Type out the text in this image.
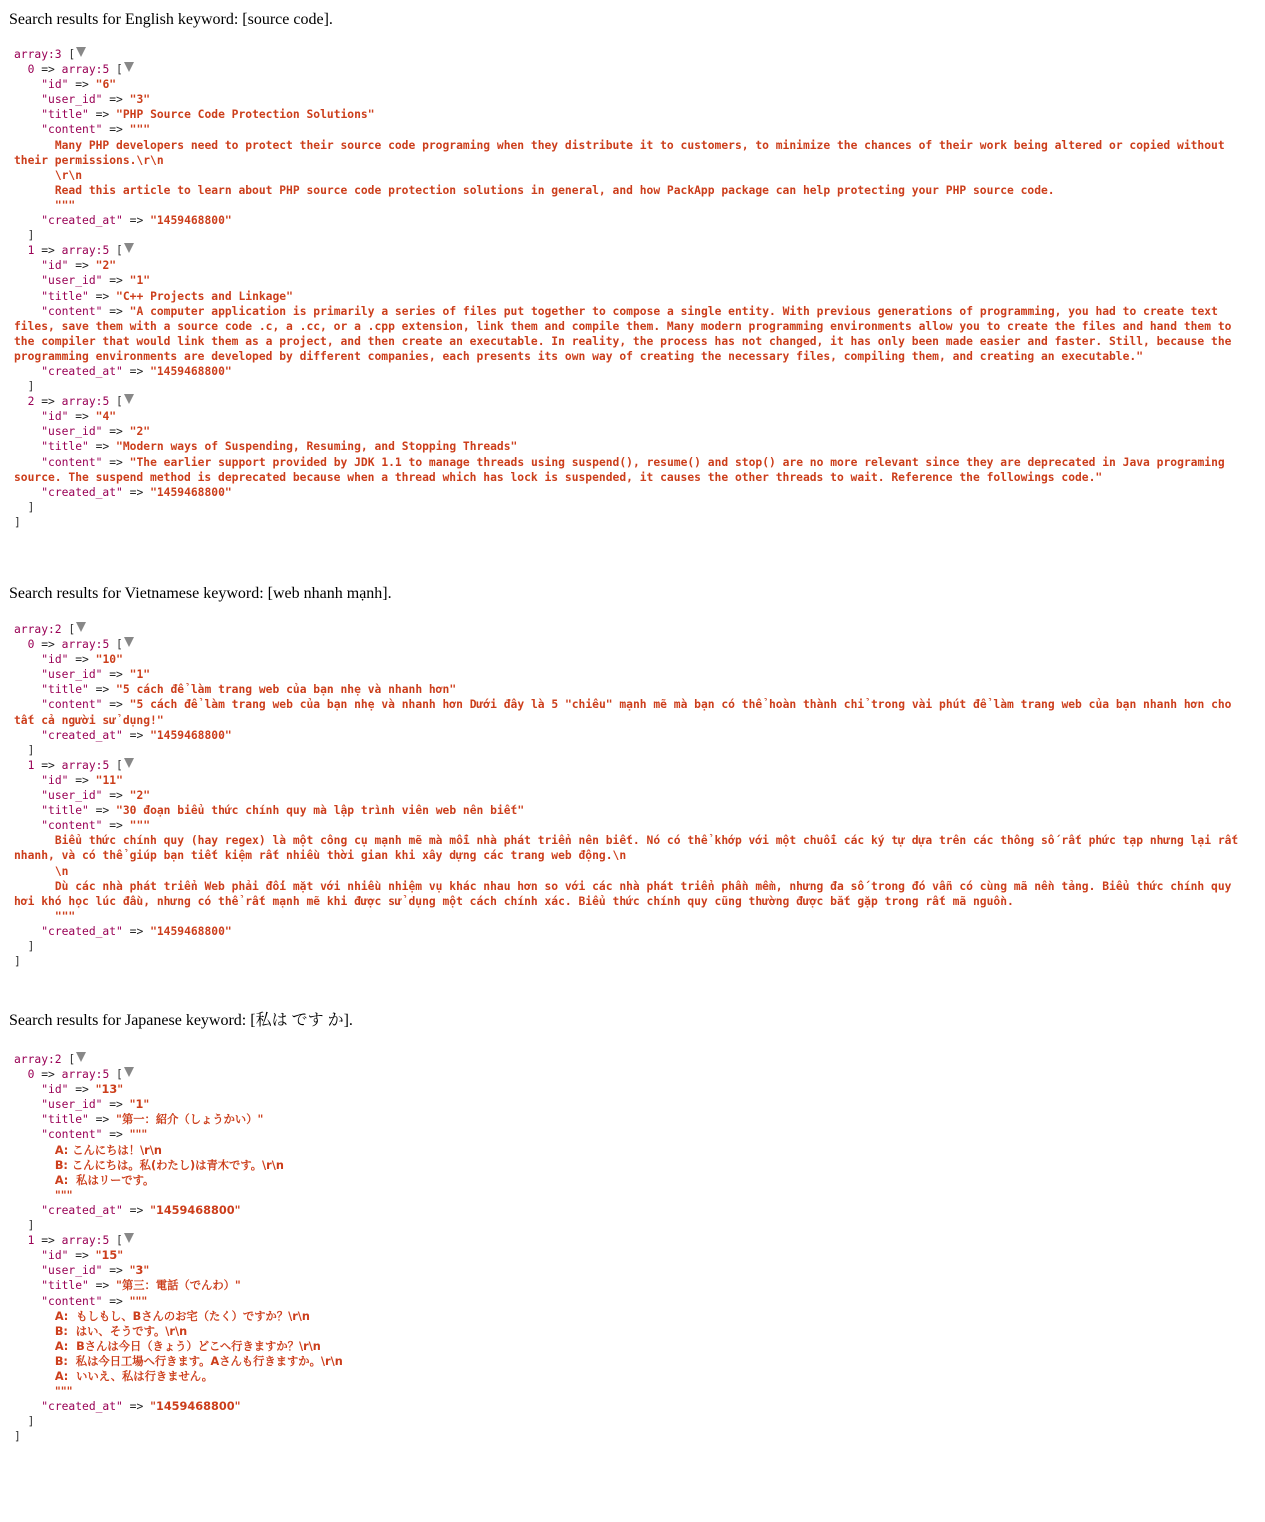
Search results for English keyword: [source code].
array:3 [
0 => array:5 [
"id" => "6"
"user_id" => "3"
"title" => "PHP Source Code Protection Solutions"
"content" => """
Many PHP developers need to protect their source code programing when they distribute it to customers, to minimize the chances of their work being altered or copied without their permissions.\r\n
\r\n
Read this article to learn about PHP source code protection solutions in general, and how PackApp package can help protecting your PHP source code.
"""
"created_at" => "1459468800"
]
1 => array:5 [
"id" => "2"
"user_id" => "1"
"title" => "C++ Projects and Linkage"
"content" => "A computer application is primarily a series of files put together to compose a single entity. With previous generations of programming, you had to create text files, save them with a source code .c, a .cc, or a .cpp extension, link them and compile them. Many modern programming environments allow you to create the files and hand them to the compiler that would link them as a project, and then create an executable. In reality, the process has not changed, it has only been made easier and faster. Still, because the programming environments are developed by different companies, each presents its own way of creating the necessary files, compiling them, and creating an executable."
"created_at" => "1459468800"
]
2 => array:5 [
"id" => "4"
"user_id" => "2"
"title" => "Modern ways of Suspending, Resuming, and Stopping Threads"
"content" => "The earlier support provided by JDK 1.1 to manage threads using suspend(), resume() and stop() are no more relevant since they are deprecated in Java programing source. The suspend method is deprecated because when a thread which has lock is suspended, it causes the other threads to wait. Reference the followings code."
"created_at" => "1459468800"
]
]
Search results for Vietnamese keyword: [web nhanh mạnh].
array:2 [
0 => array:5 [
"id" => "10"
"user_id" => "1"
"title" => "5 cách để làm trang web của bạn nhẹ và nhanh hơn"
"content" => "5 cách để làm trang web của bạn nhẹ và nhanh hơn Dưới đây là 5 "chiêu" mạnh mẽ mà bạn có thể hoàn thành chỉ trong vài phút để làm trang web của bạn nhanh hơn cho tất cả người sử dụng!"
"created_at" => "1459468800"
]
1 => array:5 [
"id" => "11"
"user_id" => "2"
"title" => "30 đoạn biểu thức chính quy mà lập trình viên web nên biết"
"content" => """
Biểu thức chính quy (hay regex) là một công cụ mạnh mẽ mà mỗi nhà phát triển nên biết. Nó có thể khớp với một chuỗi các ký tự dựa trên các thông số rất phức tạp nhưng lại rất nhanh, và có thể giúp bạn tiết kiệm rất nhiều thời gian khi xây dựng các trang web động.\n
\n
Dù các nhà phát triển Web phải đối mặt với nhiều nhiệm vụ khác nhau hơn so với các nhà phát triển phần mềm, nhưng đa số trong đó vẫn có cùng mã nền tảng. Biểu thức chính quy hơi khó học lúc đầu, nhưng có thể rất mạnh mẽ khi được sử dụng một cách chính xác. Biểu thức chính quy cũng thường được bắt gặp trong rất mã nguồn.
"""
"created_at" => "1459468800"
]
]
Search results for Japanese keyword: [私は です か].
array:2 [
0 => array:5 [
"id" => "13"
"user_id" => "1"
"title" => "第一：紹介（しょうかい）"
"content" => """
A: こんにちは！\r\n
B: こんにちは。私(わたし)は青木です。\r\n
A:  私はリーです。
"""
"created_at" => "1459468800"
]
1 => array:5 [
"id" => "15"
"user_id" => "3"
"title" => "第三：電話（でんわ）"
"content" => """
A:  もしもし、Bさんのお宅（たく）ですか？\r\n
B:  はい、そうです。\r\n
A:  Bさんは今日（きょう）どこへ行きますか？\r\n
B:  私は今日工場へ行きます。Aさんも行きますか。\r\n
A:  いいえ、私は行きません。
"""
"created_at" => "1459468800"
]
]
